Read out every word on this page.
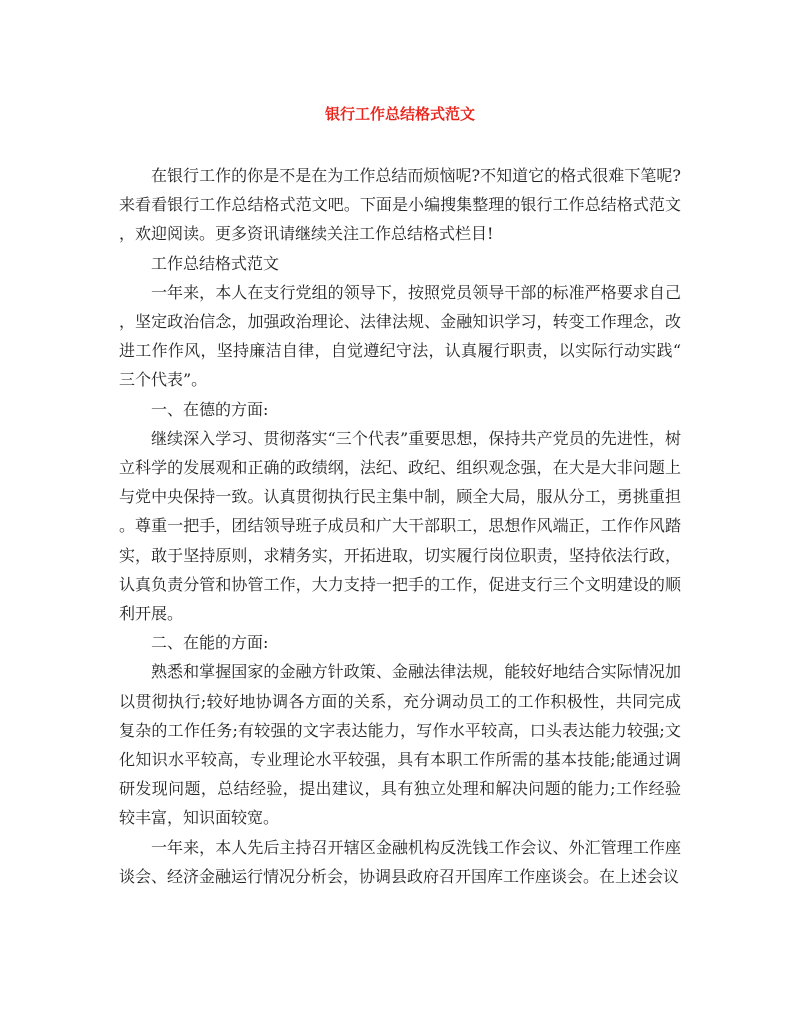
银行工作总结格式范文

在银行工作的你是不是在为工作总结而烦恼呢?不知道它的格式很难下笔呢?来看看银行工作总结格式范文吧。下面是小编搜集整理的银行工作总结格式范文，欢迎阅读。更多资讯请继续关注工作总结格式栏目!

工作总结格式范文

一年来，本人在支行党组的领导下，按照党员领导干部的标准严格要求自己，坚定政治信念，加强政治理论、法律法规、金融知识学习，转变工作理念，改进工作作风，坚持廉洁自律，自觉遵纪守法，认真履行职责，以实际行动实践“三个代表”。

一、在德的方面:

继续深入学习、贯彻落实“三个代表”重要思想，保持共产党员的先进性，树立科学的发展观和正确的政绩纲，法纪、政纪、组织观念强，在大是大非问题上与党中央保持一致。认真贯彻执行民主集中制，顾全大局，服从分工，勇挑重担。尊重一把手，团结领导班子成员和广大干部职工，思想作风端正，工作作风踏实，敢于坚持原则，求精务实，开拓进取，切实履行岗位职责，坚持依法行政，认真负责分管和协管工作，大力支持一把手的工作，促进支行三个文明建设的顺利开展。

二、在能的方面:

熟悉和掌握国家的金融方针政策、金融法律法规，能较好地结合实际情况加以贯彻执行;较好地协调各方面的关系，充分调动员工的工作积极性，共同完成复杂的工作任务;有较强的文字表达能力，写作水平较高，口头表达能力较强;文化知识水平较高，专业理论水平较强，具有本职工作所需的基本技能;能通过调研发现问题，总结经验，提出建议，具有独立处理和解决问题的能力;工作经验较丰富，知识面较宽。

一年来，本人先后主持召开辖区金融机构反洗钱工作会议、外汇管理工作座谈会、经济金融运行情况分析会，协调县政府召开国库工作座谈会。在上述会议
